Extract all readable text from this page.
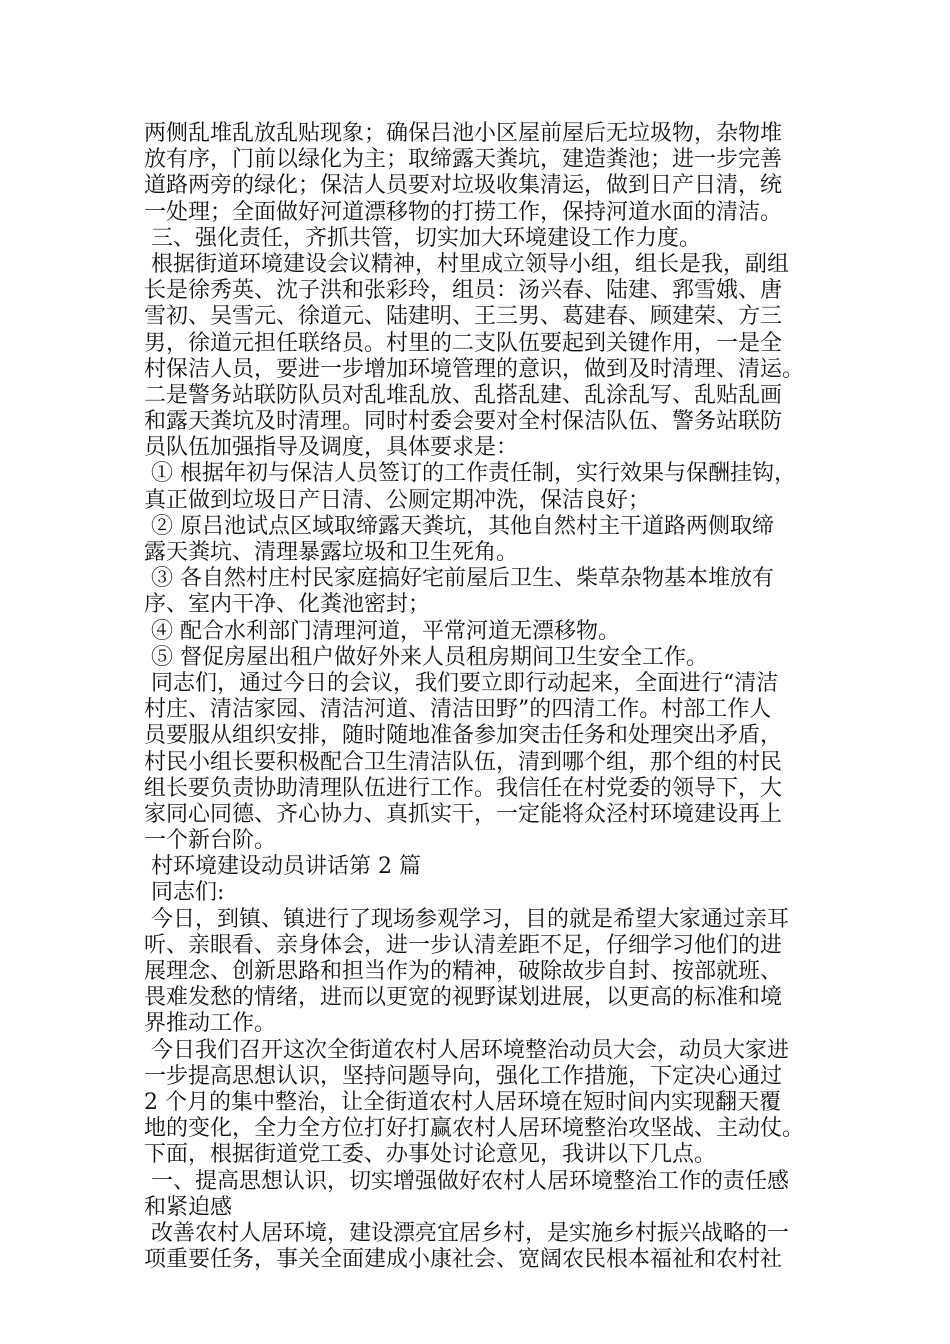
两侧乱堆乱放乱贴现象；确保吕池小区屋前屋后无垃圾物，杂物堆
放有序，门前以绿化为主；取缔露天粪坑，建造粪池；进一步完善
道路两旁的绿化；保洁人员要对垃圾收集清运，做到日产日清，统
一处理；全面做好河道漂移物的打捞工作，保持河道水面的清洁。
三、强化责任，齐抓共管，切实加大环境建设工作力度。
根据街道环境建设会议精神，村里成立领导小组，组长是我，副组
长是徐秀英、沈子洪和张彩玲，组员：汤兴春、陆建、郛雪娥、唐
雪初、吴雪元、徐道元、陆建明、王三男、葛建春、顾建荣、方三
男，徐道元担任联络员。村里的二支队伍要起到关键作用，一是全
村保洁人员，要进一步增加环境管理的意识，做到及时清理、清运。
二是警务站联防队员对乱堆乱放、乱搭乱建、乱涂乱写、乱贴乱画
和露天粪坑及时清理。同时村委会要对全村保洁队伍、警务站联防
员队伍加强指导及调度，具体要求是：
① 根据年初与保洁人员签订的工作责任制，实行效果与保酬挂钩，
真正做到垃圾日产日清、公厕定期冲洗，保洁良好；
② 原吕池试点区域取缔露天粪坑，其他自然村主干道路两侧取缔
露天粪坑、清理暴露垃圾和卫生死角。
③ 各自然村庄村民家庭搞好宅前屋后卫生、柴草杂物基本堆放有
序、室内干净、化粪池密封；
④ 配合水利部门清理河道，平常河道无漂移物。
⑤ 督促房屋出租户做好外来人员租房期间卫生安全工作。
同志们，通过今日的会议，我们要立即行动起来，全面进行“清洁
村庄、清洁家园、清洁河道、清洁田野”的四清工作。村部工作人
员要服从组织安排，随时随地准备参加突击任务和处理突出矛盾，
村民小组长要积极配合卫生清洁队伍，清到哪个组，那个组的村民
组长要负责协助清理队伍进行工作。我信任在村党委的领导下，大
家同心同德、齐心协力、真抓实干，一定能将众泾村环境建设再上
一个新台阶。
村环境建设动员讲话第 2 篇
同志们:
今日，到镇、镇进行了现场参观学习，目的就是希望大家通过亲耳
听、亲眼看、亲身体会，进一步认清差距不足，仔细学习他们的进
展理念、创新思路和担当作为的精神，破除故步自封、按部就班、
畏难发愁的情绪，进而以更宽的视野谋划进展，以更高的标准和境
界推动工作。
今日我们召开这次全街道农村人居环境整治动员大会，动员大家进
一步提高思想认识，坚持问题导向，强化工作措施，下定决心通过
2 个月的集中整治，让全街道农村人居环境在短时间内实现翻天覆
地的变化，全力全方位打好打赢农村人居环境整治攻坚战、主动仗。
下面，根据街道党工委、办事处讨论意见，我讲以下几点。
一、提高思想认识，切实增强做好农村人居环境整治工作的责任感
和紧迫感
改善农村人居环境，建设漂亮宜居乡村，是实施乡村振兴战略的一
项重要任务，事关全面建成小康社会、宽阔农民根本福祉和农村社
